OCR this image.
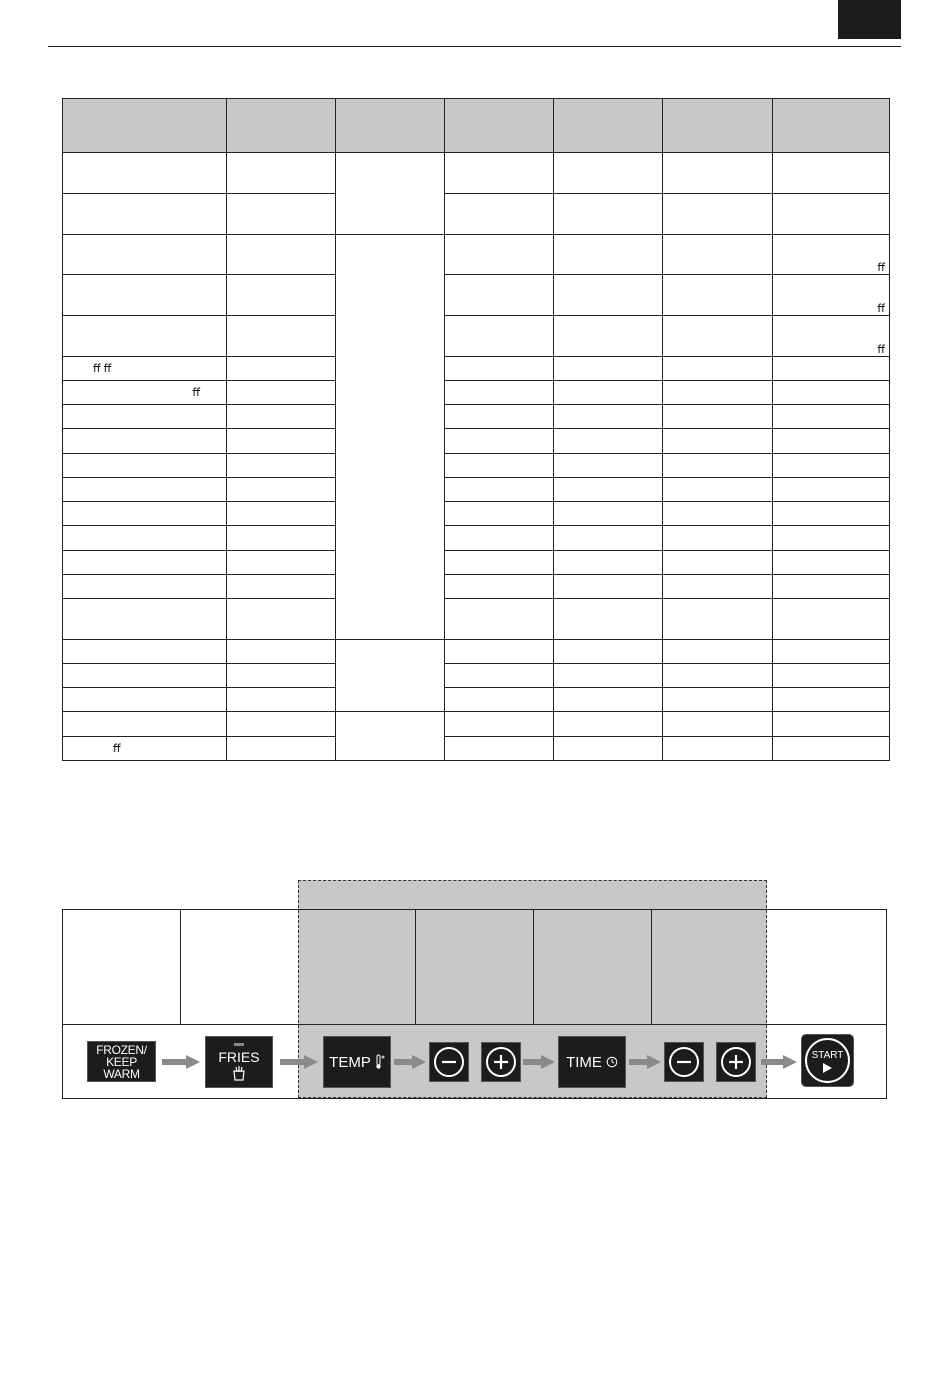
						ﬀ
						ﬀ
						ﬀ
ﬀ ﬀ						
ﬀ						

ﬀ						
FROZEN/
KEEP WARM
FRIES	TEMP	TIME	START
